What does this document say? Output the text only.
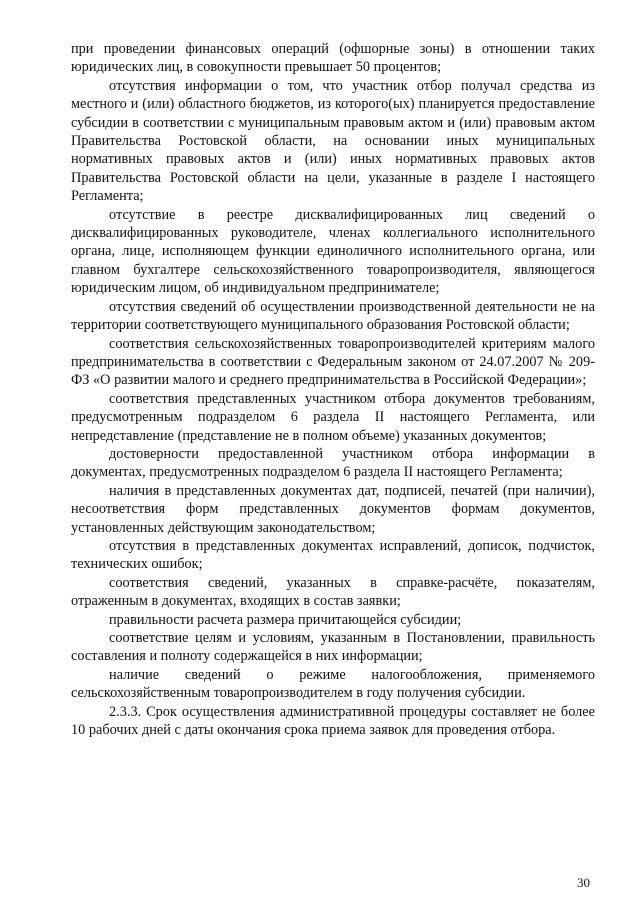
при проведении финансовых операций (офшорные зоны) в отношении таких юридических лиц, в совокупности превышает 50 процентов;

отсутствия информации о том, что участник отбор получал средства из местного и (или) областного бюджетов, из которого(ых) планируется предоставление субсидии в соответствии с муниципальным правовым актом и (или) правовым актом Правительства Ростовской области, на основании иных муниципальных нормативных правовых актов и (или) иных нормативных правовых актов Правительства Ростовской области на цели, указанные в разделе I настоящего Регламента;

отсутствие в реестре дисквалифицированных лиц сведений о дисквалифицированных руководителе, членах коллегиального исполнительного органа, лице, исполняющем функции единоличного исполнительного органа, или главном бухгалтере сельскохозяйственного товаропроизводителя, являющегося юридическим лицом, об индивидуальном предпринимателе;

отсутствия сведений об осуществлении производственной деятельности не на территории соответствующего муниципального образования Ростовской области;

соответствия сельскохозяйственных товаропроизводителей критериям малого предпринимательства в соответствии с Федеральным законом от 24.07.2007 № 209-ФЗ «О развитии малого и среднего предпринимательства в Российской Федерации»;

соответствия представленных участником отбора документов требованиям, предусмотренным подразделом 6 раздела II настоящего Регламента, или непредставление (представление не в полном объеме) указанных документов;

достоверности предоставленной участником отбора информации в документах, предусмотренных подразделом 6 раздела II настоящего Регламента;

наличия в представленных документах дат, подписей, печатей (при наличии), несоответствия форм представленных документов формам документов, установленных действующим законодательством;

отсутствия в представленных документах исправлений, дописок, подчисток, технических ошибок;

соответствия сведений, указанных в справке-расчёте, показателям, отраженным в документах, входящих в состав заявки;

правильности расчета размера причитающейся субсидии;

соответствие целям и условиям, указанным в Постановлении, правильность составления и полноту содержащейся в них информации;

наличие сведений о режиме налогообложения, применяемого сельскохозяйственным товаропроизводителем в году получения субсидии.

2.3.3. Срок осуществления административной процедуры составляет не более 10 рабочих дней с даты окончания срока приема заявок для проведения отбора.

30
